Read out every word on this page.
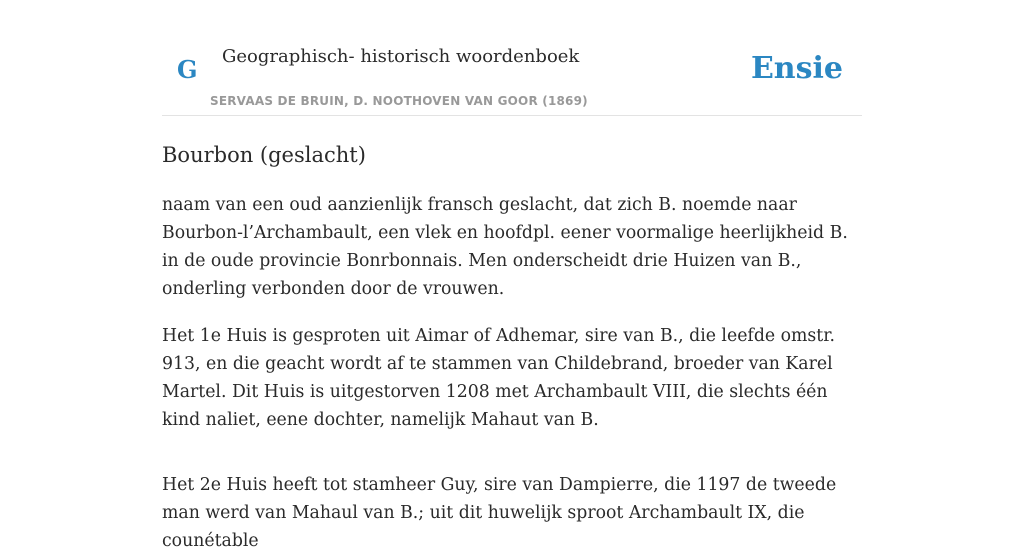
G Geographisch- historisch woordenboek
SERVAAS DE BRUIN, D. NOOTHOVEN VAN GOOR (1869)
Ensie
Bourbon (geslacht)

naam van een oud aanzienlijk fransch geslacht, dat zich B. noemde naar Bourbon-l’Archambault, een vlek en hoofdpl. eener voormalige heerlijkheid B. in de oude provincie Bonrbonnais. Men onderscheidt drie Huizen van B., onderling verbonden door de vrouwen.

Het 1e Huis is gesproten uit Aimar of Adhemar, sire van B., die leefde omstr. 913, en die geacht wordt af te stammen van Childebrand, broeder van Karel Martel. Dit Huis is uitgestorven 1208 met Archambault VIII, die slechts één kind naliet, eene dochter, namelijk Mahaut van B.

Het 2e Huis heeft tot stamheer Guy, sire van Dampierre, die 1197 de tweede man werd van Mahaul van B.; uit dit huwelijk sproot Archambault IX, die counétable
